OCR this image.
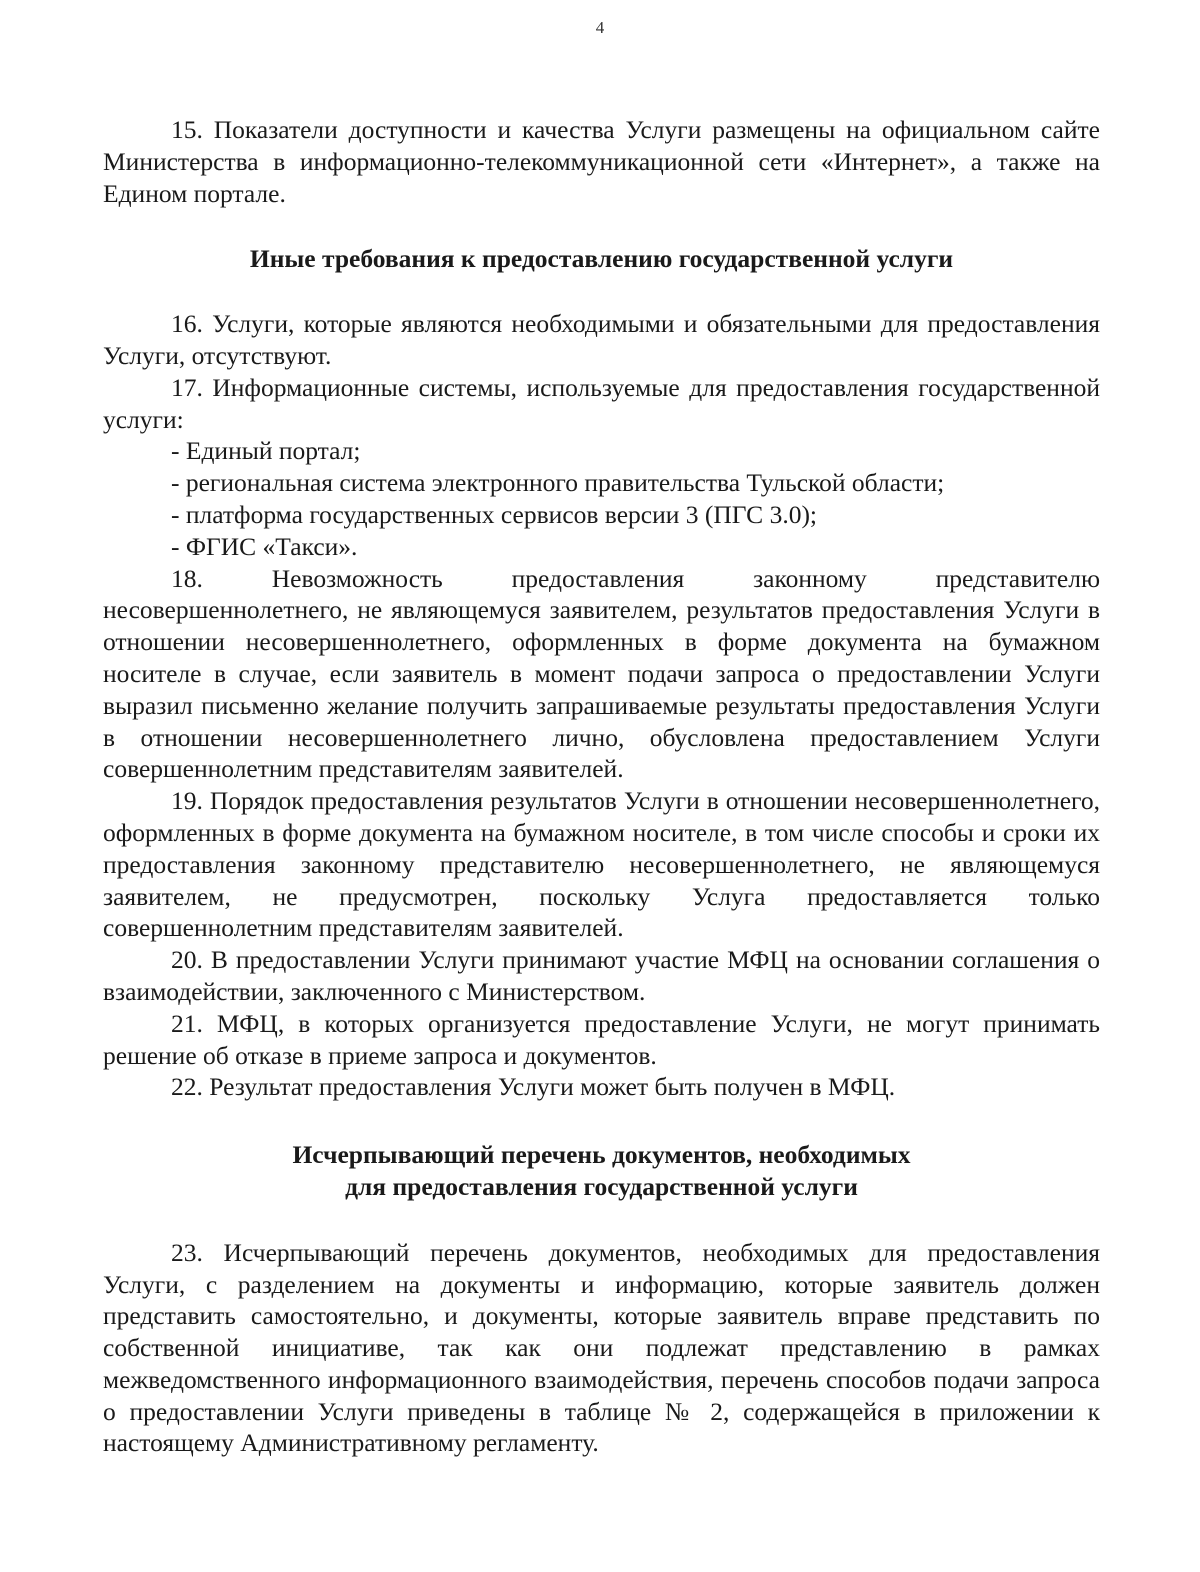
4

15. Показатели доступности и качества Услуги размещены на официальном сайте Министерства в информационно-телекоммуникационной сети «Интернет», а также на Едином портале.

Иные требования к предоставлению государственной услуги

16. Услуги, которые являются необходимыми и обязательными для предоставления Услуги, отсутствуют.

17. Информационные системы, используемые для предоставления государственной услуги:

- Единый портал;

- региональная система электронного правительства Тульской области;

- платформа государственных сервисов версии 3 (ПГС 3.0);

- ФГИС «Такси».

18. Невозможность предоставления законному представителю несовершеннолетнего, не являющемуся заявителем, результатов предоставления Услуги в отношении несовершеннолетнего, оформленных в форме документа на бумажном носителе в случае, если заявитель в момент подачи запроса о предоставлении Услуги выразил письменно желание получить запрашиваемые результаты предоставления Услуги в отношении несовершеннолетнего лично, обусловлена предоставлением Услуги совершеннолетним представителям заявителей.

19. Порядок предоставления результатов Услуги в отношении несовершеннолетнего, оформленных в форме документа на бумажном носителе, в том числе способы и сроки их предоставления законному представителю несовершеннолетнего, не являющемуся заявителем, не предусмотрен, поскольку Услуга предоставляется только совершеннолетним представителям заявителей.

20. В предоставлении Услуги принимают участие МФЦ на основании соглашения о взаимодействии, заключенного с Министерством.

21. МФЦ, в которых организуется предоставление Услуги, не могут принимать решение об отказе в приеме запроса и документов.

22. Результат предоставления Услуги может быть получен в МФЦ.

Исчерпывающий перечень документов, необходимых
для предоставления государственной услуги

23. Исчерпывающий перечень документов, необходимых для предоставления Услуги, с разделением на документы и информацию, которые заявитель должен представить самостоятельно, и документы, которые заявитель вправе представить по собственной инициативе, так как они подлежат представлению в рамках межведомственного информационного взаимодействия, перечень способов подачи запроса о предоставлении Услуги приведены в таблице № 2, содержащейся в приложении к настоящему Административному регламенту.
